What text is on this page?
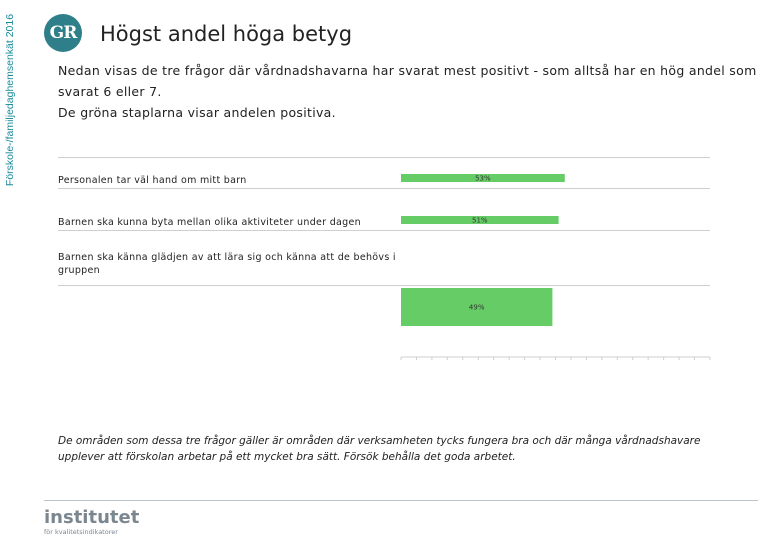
Förskole-/familjedaghemsenkät 2016 GR Högst andel höga betyg
Nedan visas de tre frågor där vårdnadshavarna har svarat mest positivt - som alltså har en hög andel som
svarat 6 eller 7.
De gröna staplarna visar andelen positiva.
Personalen tar väl hand om mitt barn
Barnen ska kunna byta mellan olika aktiviteter under dagen
Barnen ska känna glädjen av att lära sig och känna att de behövs i
gruppen
53%
51%
49%
De områden som dessa tre frågor gäller är områden där verksamheten tycks fungera bra och där många vårdnadshavare
upplever att förskolan arbetar på ett mycket bra sätt. Försök behålla det goda arbetet.
institutet
för kvalitetsindikatorer
